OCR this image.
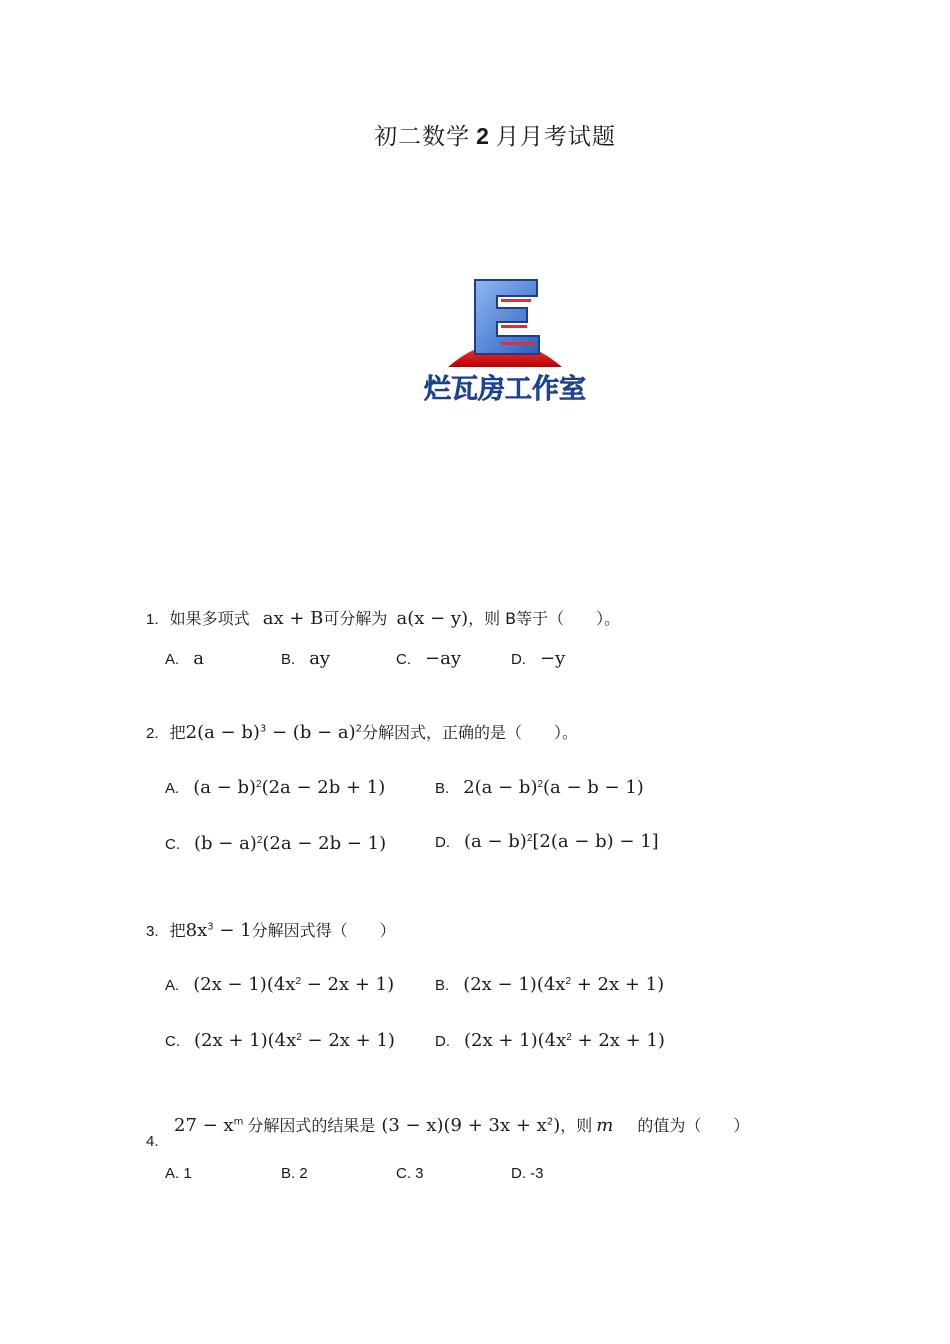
初二数学 2 月月考试题
烂瓦房工作室
1. 如果多项式 ax + B可分解为 a(x − y)，则 B等于（　　）。
A. a	B. ay	C. −ay	D. −y
2. 把$2(a - b)^3 - (b - a)^2$分解因式，正确的是（　　）。
A. $(a - b)^2(2a - 2b + 1)$	B. $2(a - b)^2(a - b - 1)$
C. $(b - a)^2(2a - 2b - 1)$	D. $(a - b)^2[2(a - b) - 1]$
3. 把$8x^3 - 1$分解因式得（　　）
A. $(2x - 1)(4x^2 - 2x + 1)$	B. $(2x - 1)(4x^2 + 2x + 1)$
C. $(2x + 1)(4x^2 - 2x + 1)$	D. $(2x + 1)(4x^2 + 2x + 1)$
4.
$27 - x^m$ 分解因式的结果是 $(3 - x)(9 + 3x + x^2)$，则 m 的值为（　　）
A. 1	B. 2	C. 3	D. -3
